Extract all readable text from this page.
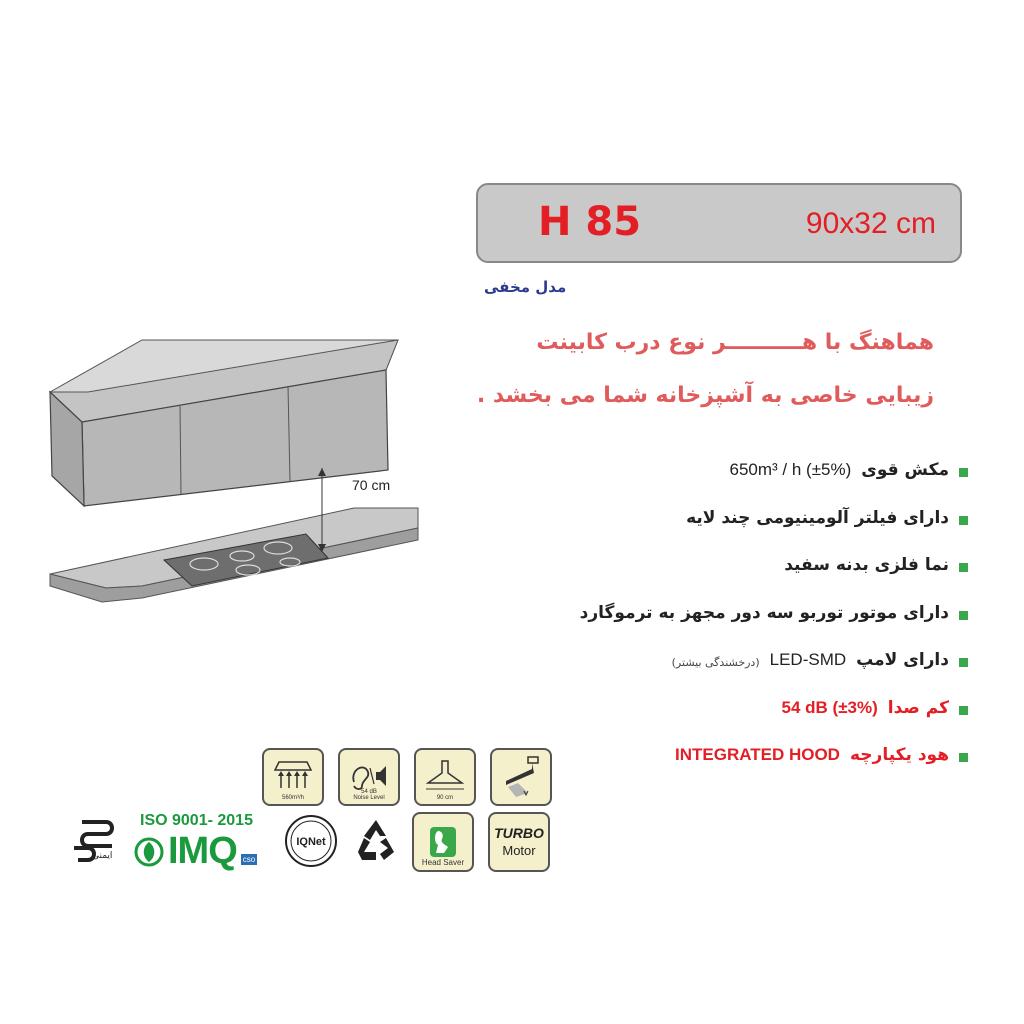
H 85	90x32 cm
مدل مخفی
هماهنگ با هــــــــــر نوع درب کابینت
زیبایی خاصی به آشپزخانه شما می بخشد .
70 cm
مکش قوی
650m³ / h (±5%)
دارای فیلتر آلومینیومی چند لایه
نما فلزی بدنه سفید
دارای موتور توربو سه دور مجهز به ترموگارد
دارای لامپ
LED-SMD
(درخشندگی بیشتر)
کم صدا
54 dB (±3%)
هود یکپارچه
INTEGRATED HOOD
560m³/h
54 dB
Noise Level	90 cm
ISO 9001- 2015
IMQ cso
ایمنی
IQNet
Head Saver
TURBO
Motor
